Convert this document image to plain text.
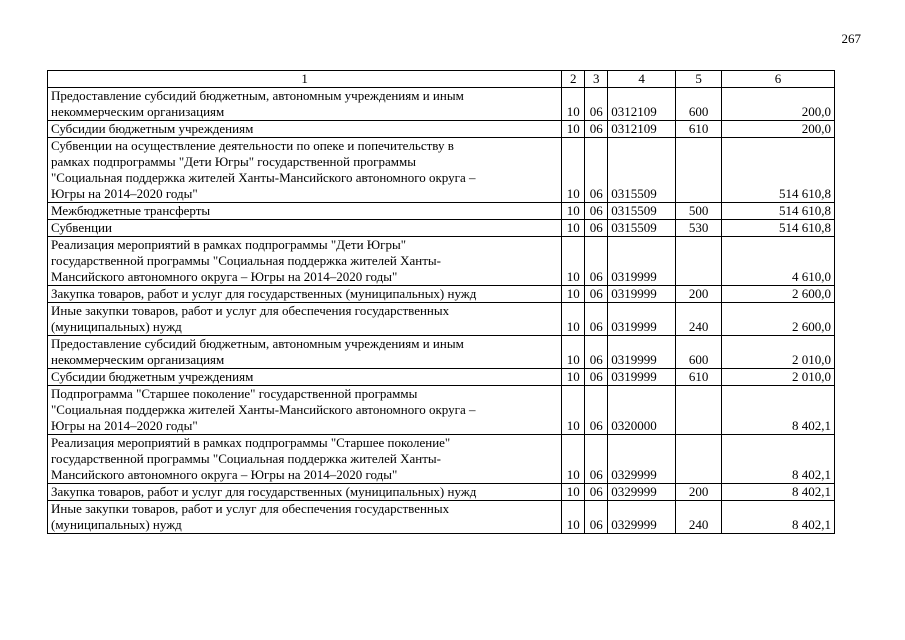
267
1	2	3	4	5	6
Предоставление субсидий бюджетным, автономным учреждениям и иным
некоммерческим организациям	10	06	0312109	600	200,0
Субсидии бюджетным учреждениям	10	06	0312109	610	200,0
Субвенции на осуществление деятельности по опеке и попечительству в
рамках подпрограммы "Дети Югры" государственной программы
"Социальная поддержка жителей Ханты-Мансийского автономного округа –
Югры на 2014–2020 годы"	10	06	0315509		514 610,8
Межбюджетные трансферты	10	06	0315509	500	514 610,8
Субвенции	10	06	0315509	530	514 610,8
Реализация мероприятий в рамках подпрограммы "Дети Югры"
государственной программы "Социальная поддержка жителей Ханты-
Мансийского автономного округа – Югры на 2014–2020 годы"	10	06	0319999		4 610,0
Закупка товаров, работ и услуг для государственных (муниципальных) нужд	10	06	0319999	200	2 600,0
Иные закупки товаров, работ и услуг для обеспечения государственных
(муниципальных) нужд	10	06	0319999	240	2 600,0
Предоставление субсидий бюджетным, автономным учреждениям и иным
некоммерческим организациям	10	06	0319999	600	2 010,0
Субсидии бюджетным учреждениям	10	06	0319999	610	2 010,0
Подпрограмма "Старшее поколение" государственной программы
"Социальная поддержка жителей Ханты-Мансийского автономного округа –
Югры на 2014–2020 годы"	10	06	0320000		8 402,1
Реализация мероприятий в рамках подпрограммы "Старшее поколение"
государственной программы "Социальная поддержка жителей Ханты-
Мансийского автономного округа – Югры на 2014–2020 годы"	10	06	0329999		8 402,1
Закупка товаров, работ и услуг для государственных (муниципальных) нужд	10	06	0329999	200	8 402,1
Иные закупки товаров, работ и услуг для обеспечения государственных
(муниципальных) нужд	10	06	0329999	240	8 402,1
